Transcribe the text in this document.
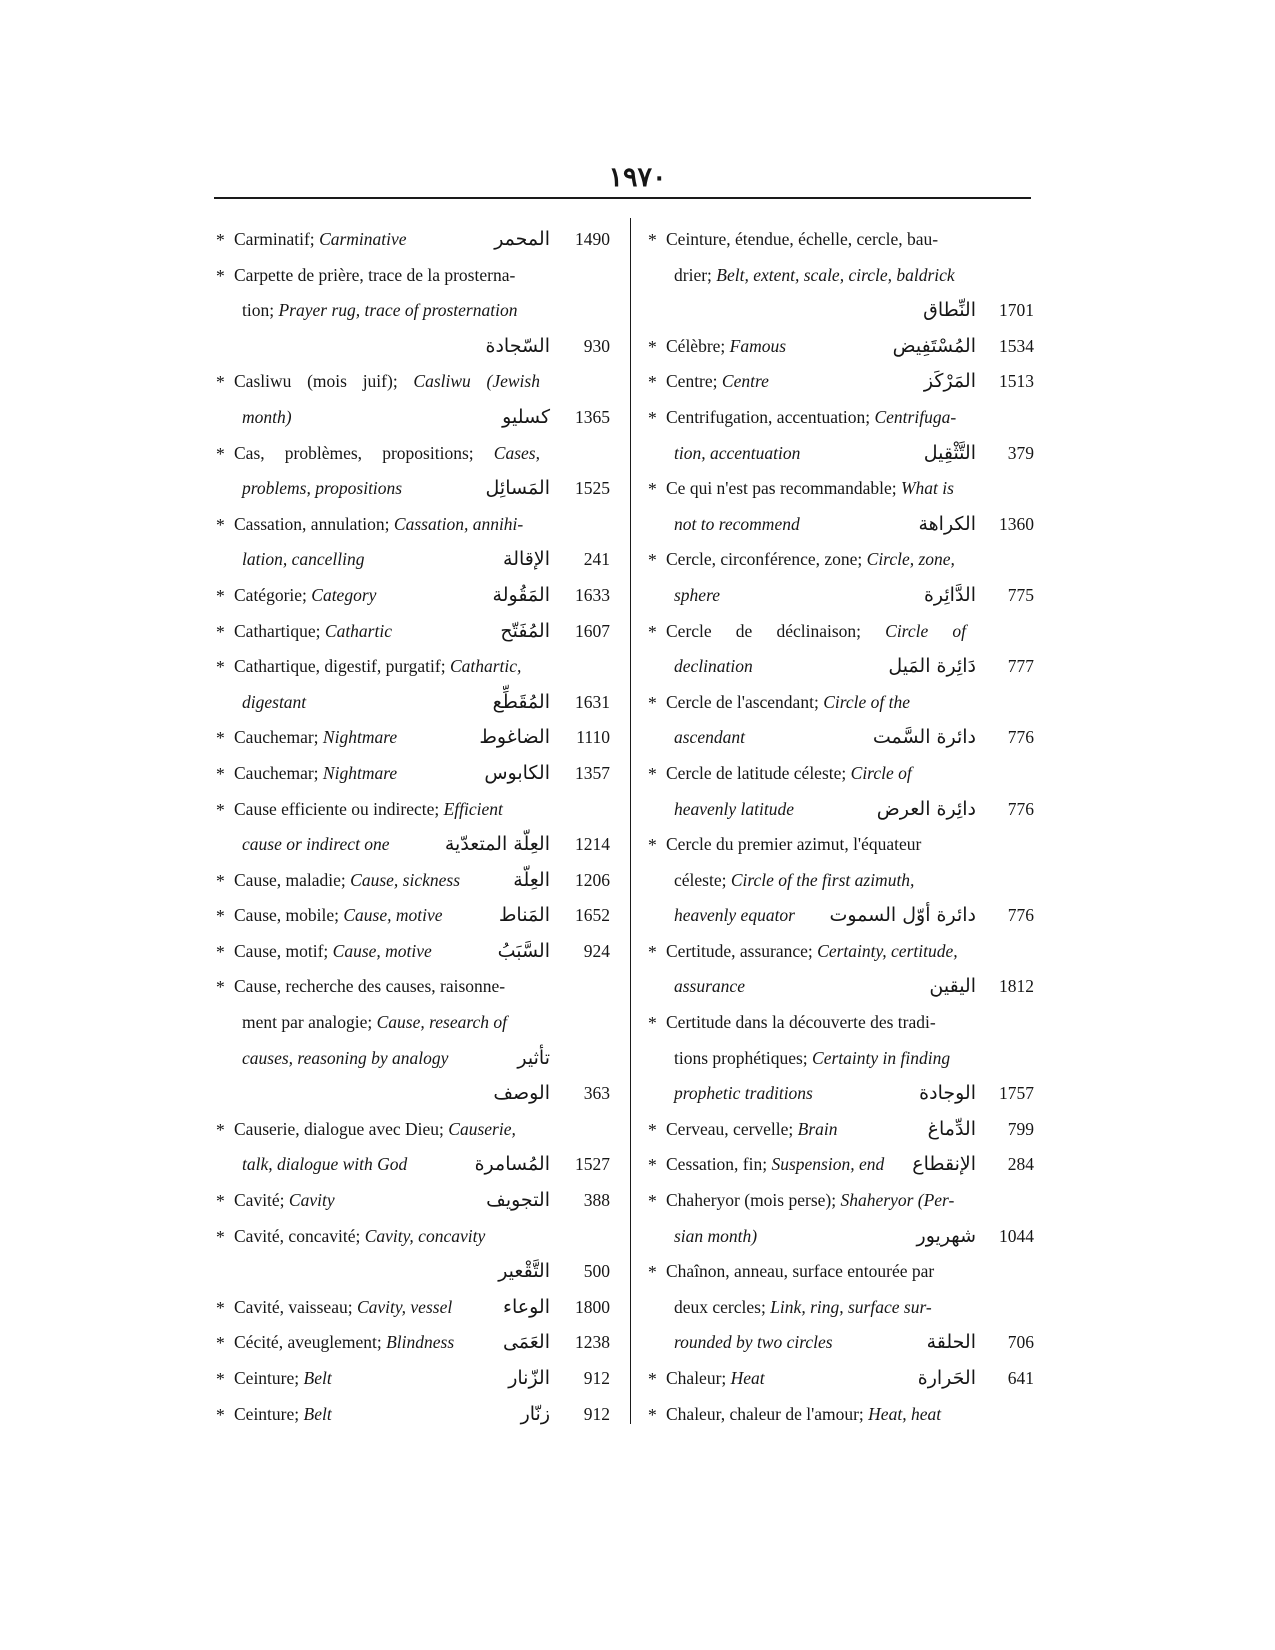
١٩٧٠
* Carminatif; Carminative	المحمر 1490
* Carpette de prière, trace de la prosterna-
tion; Prayer rug, trace of prosternation
السّجادة 930
* Casliwu (mois juif); Casliwu (Jewish
month)	كسليو 1365
* Cas, problèmes, propositions; Cases,
problems, propositions	المَسائِل 1525
* Cassation, annulation; Cassation, annihi-
lation, cancelling	الإقالة 241
* Catégorie; Category	المَقُولة 1633
* Cathartique; Cathartic	المُفَتّح 1607
* Cathartique, digestif, purgatif; Cathartic,
digestant	المُقَطِّع 1631
* Cauchemar; Nightmare	الضاغوط 1110
* Cauchemar; Nightmare	الكابوس 1357
* Cause efficiente ou indirecte; Efficient
cause or indirect one	العِلّة المتعدّية 1214
* Cause, maladie; Cause, sickness	العِلّة 1206
* Cause, mobile; Cause, motive	المَناط 1652
* Cause, motif; Cause, motive	السَّبَبُ 924
* Cause, recherche des causes, raisonne-
ment par analogie; Cause, research of
causes, reasoning by analogy	تأثير
الوصف 363
* Causerie, dialogue avec Dieu; Causerie,
talk, dialogue with God	المُسامرة 1527
* Cavité; Cavity	التجويف 388
* Cavité, concavité; Cavity, concavity
التَّقْعير 500
* Cavité, vaisseau; Cavity, vessel	الوعاء 1800
* Cécité, aveuglement; Blindness	العَمَى 1238
* Ceinture; Belt	الزّنار 912
* Ceinture; Belt	زنّار 912
* Ceinture, étendue, échelle, cercle, bau-
drier; Belt, extent, scale, circle, baldrick
النِّطاق 1701
* Célèbre; Famous	المُسْتَفِيض 1534
* Centre; Centre	المَرْكَز 1513
* Centrifugation, accentuation; Centrifuga-
tion, accentuation	التَّثْقِيل 379
* Ce qui n'est pas recommandable; What is
not to recommend	الكراهة 1360
* Cercle, circonférence, zone; Circle, zone,
sphere	الدَّائِرة 775
* Cercle de déclinaison; Circle of
declination	دَائِرة المَيل 777
* Cercle de l'ascendant; Circle of the
ascendant	دائرة السَّمت 776
* Cercle de latitude céleste; Circle of
heavenly latitude	دائِرة العرض 776
* Cercle du premier azimut, l'équateur
céleste; Circle of the first azimuth,
heavenly equator دائرة أوّل السموت 776
* Certitude, assurance; Certainty, certitude,
assurance	اليقين 1812
* Certitude dans la découverte des tradi-
tions prophétiques; Certainty in finding
prophetic traditions	الوجادة 1757
* Cerveau, cervelle; Brain	الدِّماغ 799
* Cessation, fin; Suspension, end الإنقطاع 284
* Chaheryor (mois perse); Shaheryor (Per-
sian month)	شهريور 1044
* Chaînon, anneau, surface entourée par
deux cercles; Link, ring, surface sur-
rounded by two circles	الحلقة 706
* Chaleur; Heat	الحَرارة 641
* Chaleur, chaleur de l'amour; Heat, heat
